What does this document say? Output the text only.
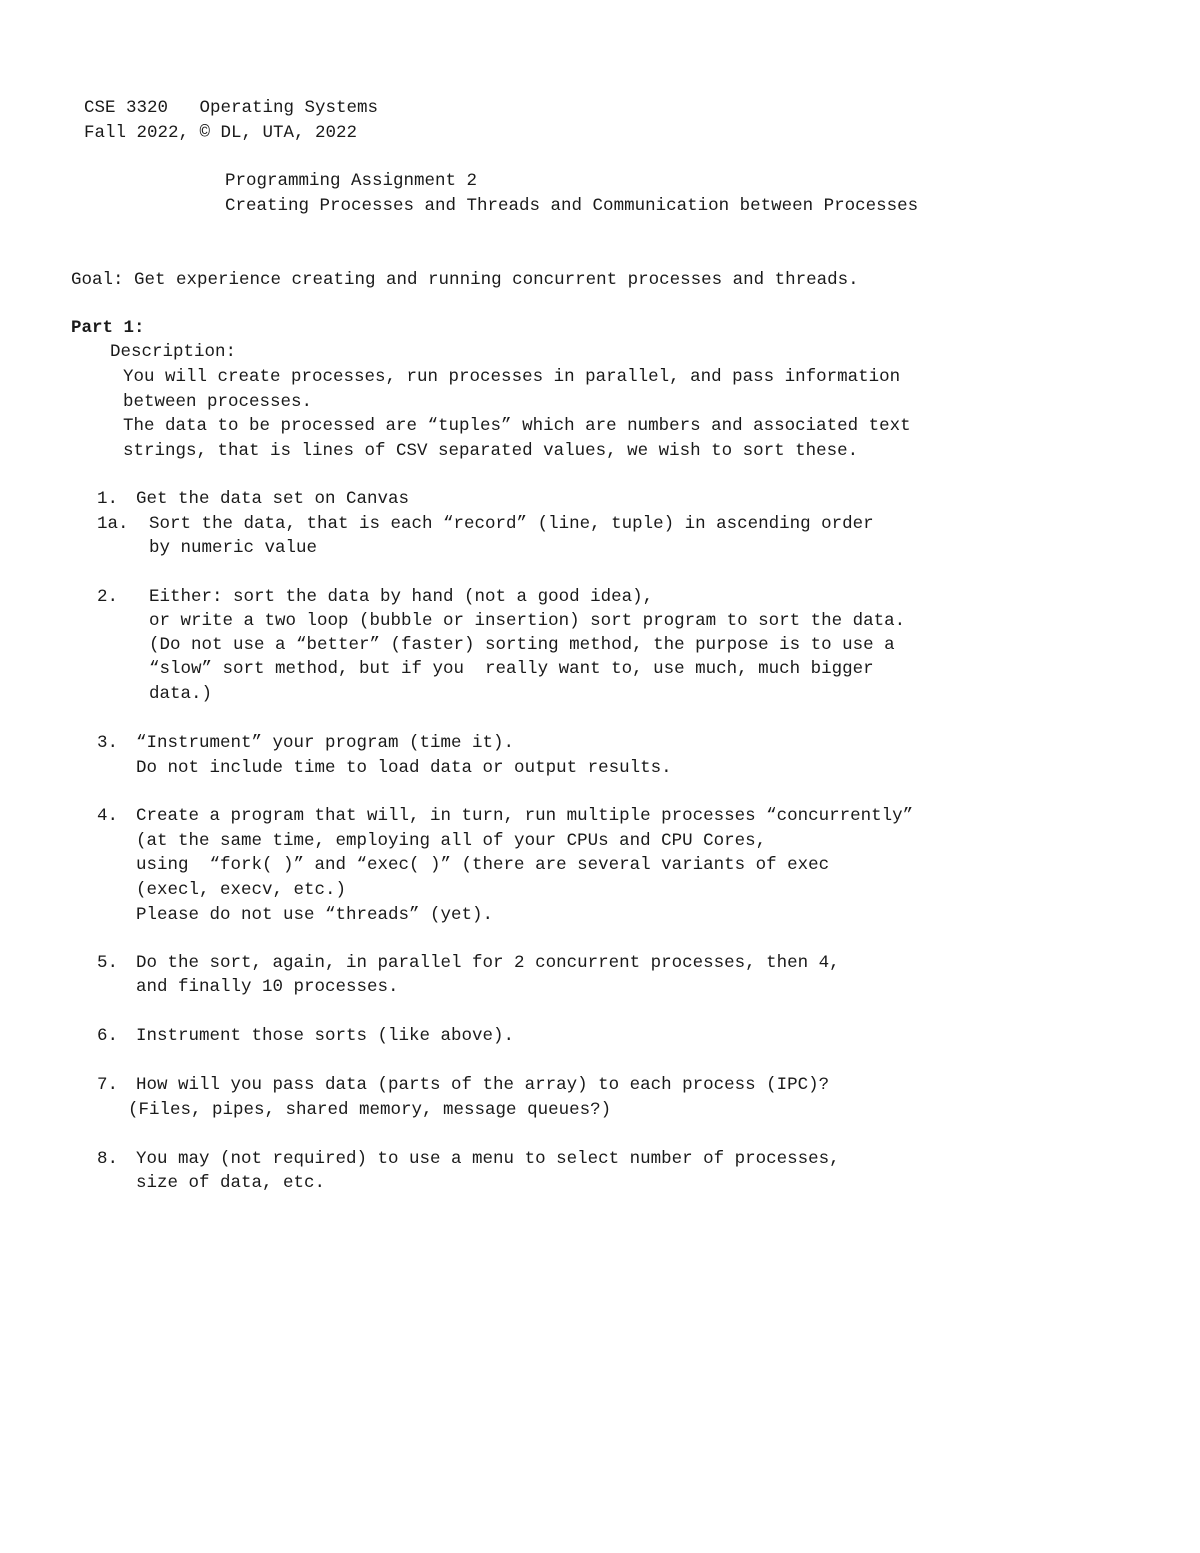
CSE 3320   Operating Systems
Fall 2022, © DL, UTA, 2022
Programming Assignment 2
Creating Processes and Threads and Communication between Processes
Goal: Get experience creating and running concurrent processes and threads.
Part 1:
Description:
You will create processes, run processes in parallel, and pass information
between processes.
The data to be processed are “tuples” which are numbers and associated text
strings, that is lines of CSV separated values, we wish to sort these.
1. Get the data set on Canvas
1a. Sort the data, that is each “record” (line, tuple) in ascending order
by numeric value
2. Either: sort the data by hand (not a good idea),
or write a two loop (bubble or insertion) sort program to sort the data.
(Do not use a “better” (faster) sorting method, the purpose is to use a
“slow” sort method, but if you  really want to, use much, much bigger
data.)
3. “Instrument” your program (time it).
Do not include time to load data or output results.
4. Create a program that will, in turn, run multiple processes “concurrently”
(at the same time, employing all of your CPUs and CPU Cores,
using  “fork( )” and “exec( )” (there are several variants of exec
(execl, execv, etc.)
Please do not use “threads” (yet).
5. Do the sort, again, in parallel for 2 concurrent processes, then 4,
and finally 10 processes.
6. Instrument those sorts (like above).
7. How will you pass data (parts of the array) to each process (IPC)?
(Files, pipes, shared memory, message queues?)
8. You may (not required) to use a menu to select number of processes,
size of data, etc.
